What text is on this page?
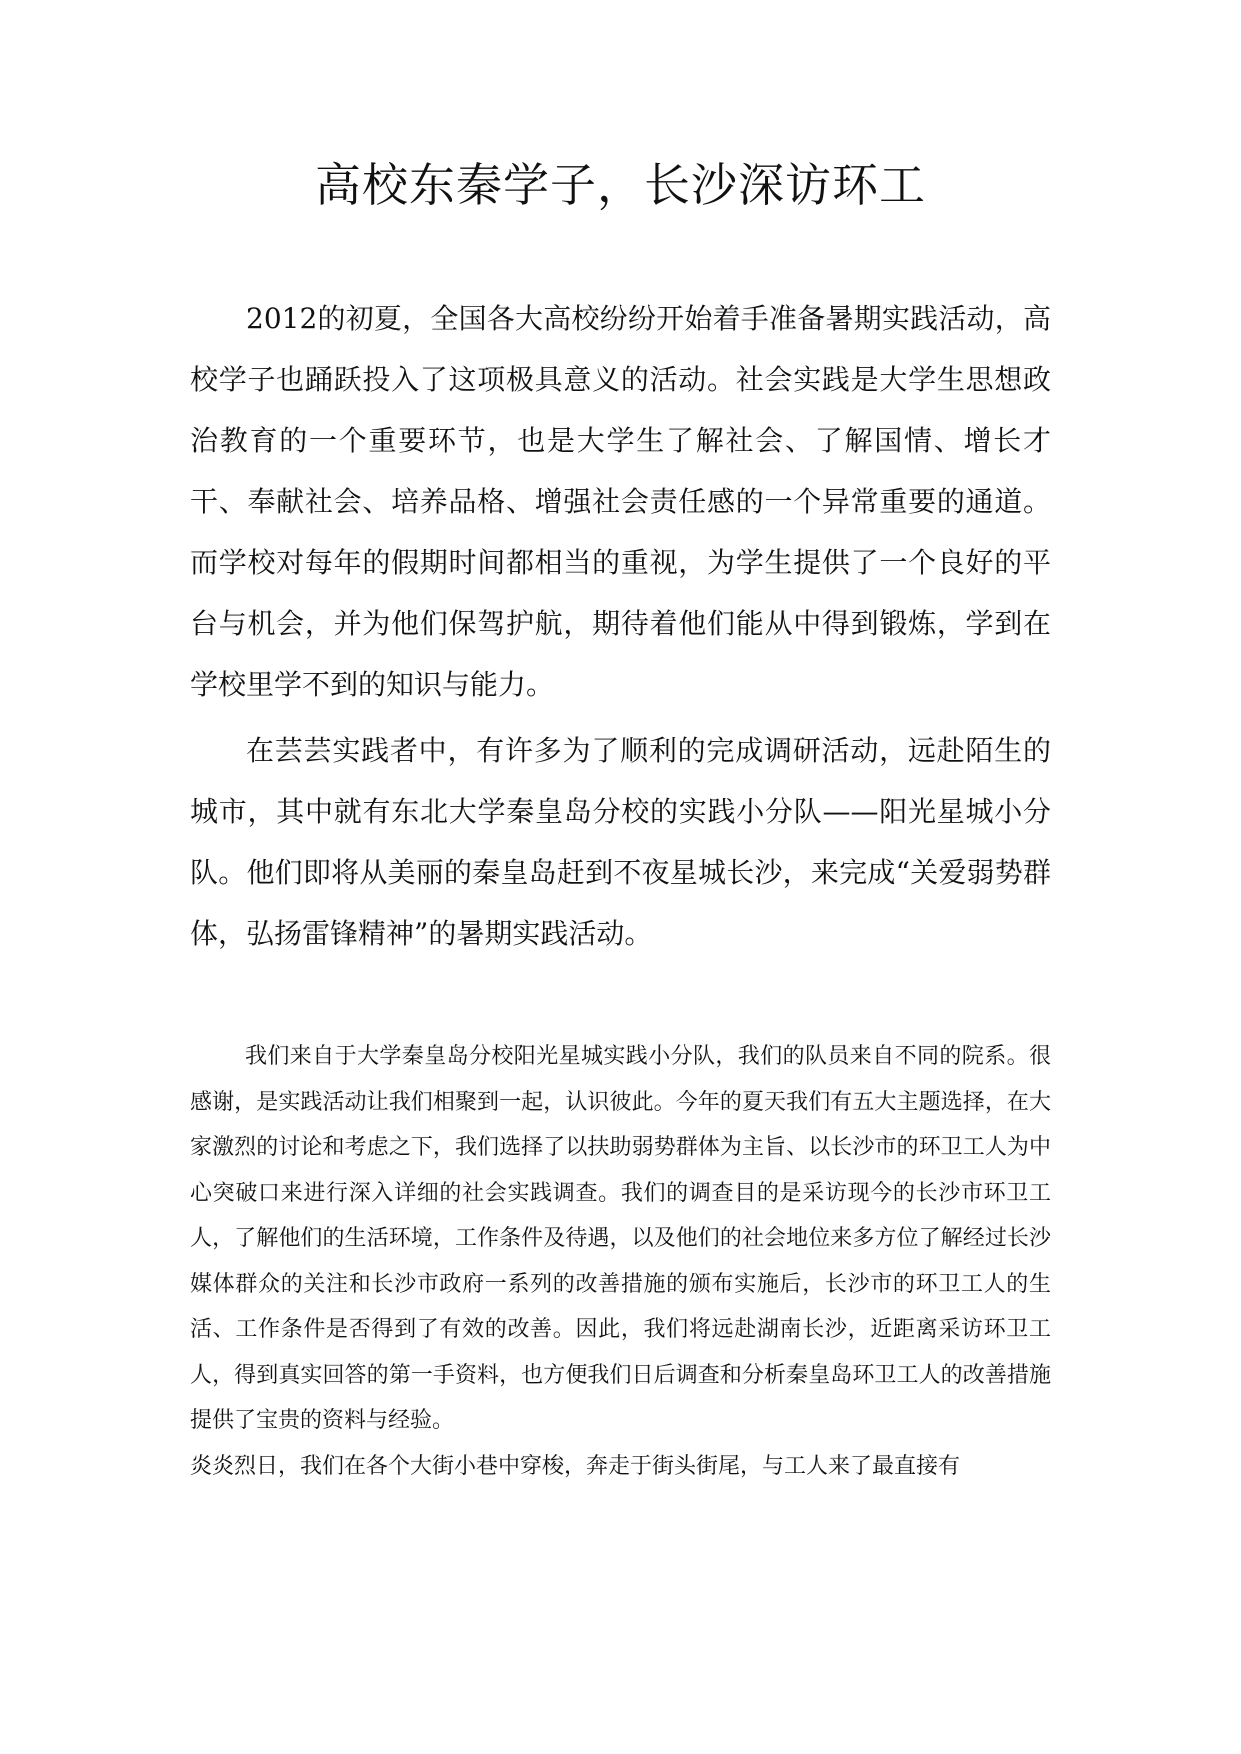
高校东秦学子，长沙深访环工

2012的初夏，全国各大高校纷纷开始着手准备暑期实践活动，高校学子也踊跃投入了这项极具意义的活动。社会实践是大学生思想政治教育的一个重要环节，也是大学生了解社会、了解国情、增长才干、奉献社会、培养品格、增强社会责任感的一个异常重要的通道。而学校对每年的假期时间都相当的重视，为学生提供了一个良好的平台与机会，并为他们保驾护航，期待着他们能从中得到锻炼，学到在学校里学不到的知识与能力。

在芸芸实践者中，有许多为了顺利的完成调研活动，远赴陌生的城市，其中就有东北大学秦皇岛分校的实践小分队——阳光星城小分队。他们即将从美丽的秦皇岛赶到不夜星城长沙，来完成“关爱弱势群体，弘扬雷锋精神”的暑期实践活动。

我们来自于大学秦皇岛分校阳光星城实践小分队，我们的队员来自不同的院系。很感谢，是实践活动让我们相聚到一起，认识彼此。今年的夏天我们有五大主题选择，在大家激烈的讨论和考虑之下，我们选择了以扶助弱势群体为主旨、以长沙市的环卫工人为中心突破口来进行深入详细的社会实践调查。我们的调查目的是采访现今的长沙市环卫工人，了解他们的生活环境，工作条件及待遇，以及他们的社会地位来多方位了解经过长沙媒体群众的关注和长沙市政府一系列的改善措施的颁布实施后，长沙市的环卫工人的生活、工作条件是否得到了有效的改善。因此，我们将远赴湖南长沙，近距离采访环卫工人，得到真实回答的第一手资料，也方便我们日后调查和分析秦皇岛环卫工人的改善措施提供了宝贵的资料与经验。

炎炎烈日，我们在各个大街小巷中穿梭，奔走于街头街尾，与工人来了最直接有
